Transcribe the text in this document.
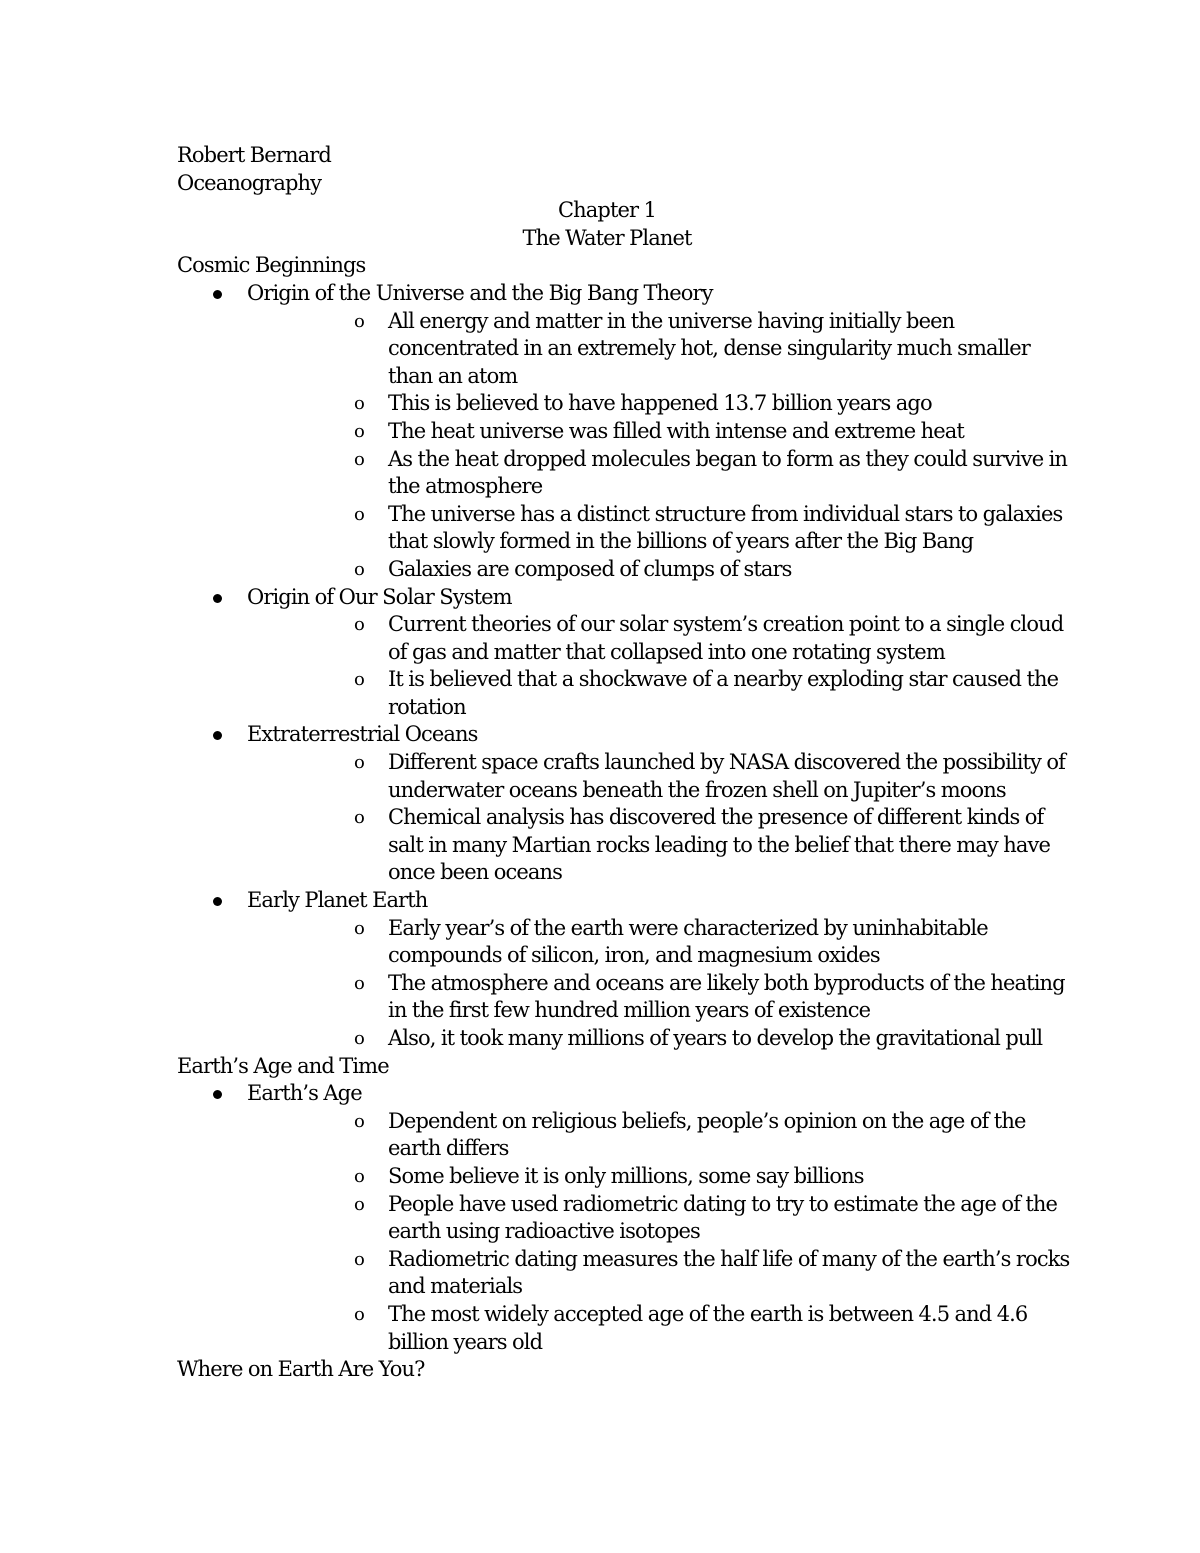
Robert Bernard
Oceanography
Chapter 1
The Water Planet
Cosmic Beginnings
Origin of the Universe and the Big Bang Theory
o All energy and matter in the universe having initially been
concentrated in an extremely hot, dense singularity much smaller
than an atom
o This is believed to have happened 13.7 billion years ago
o The heat universe was filled with intense and extreme heat
o As the heat dropped molecules began to form as they could survive in
the atmosphere
o The universe has a distinct structure from individual stars to galaxies
that slowly formed in the billions of years after the Big Bang
o Galaxies are composed of clumps of stars
Origin of Our Solar System
o Current theories of our solar system’s creation point to a single cloud
of gas and matter that collapsed into one rotating system
o It is believed that a shockwave of a nearby exploding star caused the
rotation
Extraterrestrial Oceans
o Different space crafts launched by NASA discovered the possibility of
underwater oceans beneath the frozen shell on Jupiter’s moons
o Chemical analysis has discovered the presence of different kinds of
salt in many Martian rocks leading to the belief that there may have
once been oceans
Early Planet Earth
o Early year’s of the earth were characterized by uninhabitable
compounds of silicon, iron, and magnesium oxides
o The atmosphere and oceans are likely both byproducts of the heating
in the first few hundred million years of existence
o Also, it took many millions of years to develop the gravitational pull
Earth’s Age and Time
Earth’s Age
o Dependent on religious beliefs, people’s opinion on the age of the
earth differs
o Some believe it is only millions, some say billions
o People have used radiometric dating to try to estimate the age of the
earth using radioactive isotopes
o Radiometric dating measures the half life of many of the earth’s rocks
and materials
o The most widely accepted age of the earth is between 4.5 and 4.6
billion years old
Where on Earth Are You?
